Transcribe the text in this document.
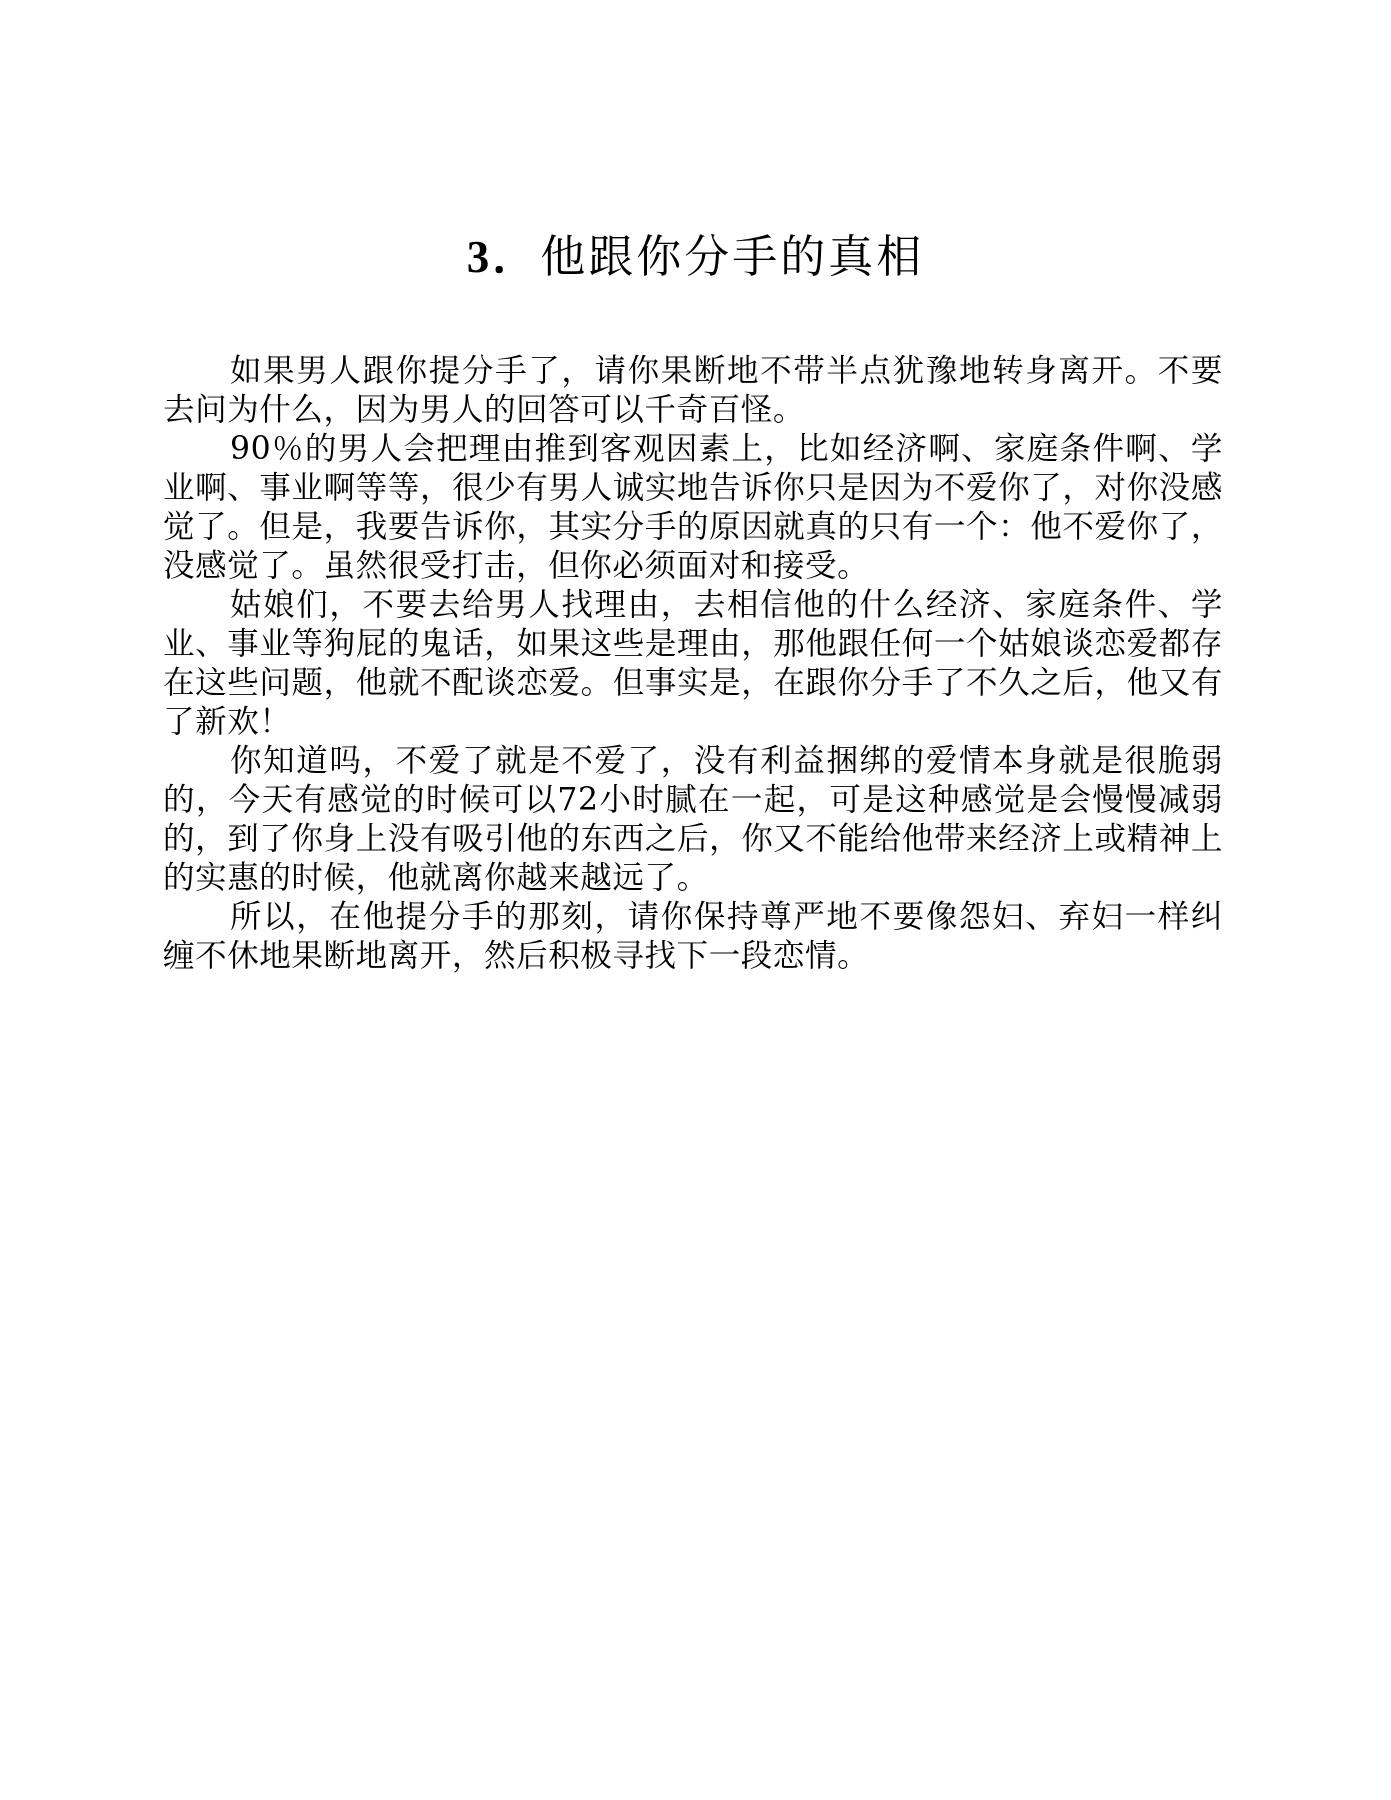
3．他跟你分手的真相

如果男人跟你提分手了，请你果断地不带半点犹豫地转身离开。不要去问为什么，因为男人的回答可以千奇百怪。

90％的男人会把理由推到客观因素上，比如经济啊、家庭条件啊、学业啊、事业啊等等，很少有男人诚实地告诉你只是因为不爱你了，对你没感觉了。但是，我要告诉你，其实分手的原因就真的只有一个：他不爱你了，没感觉了。虽然很受打击，但你必须面对和接受。

姑娘们，不要去给男人找理由，去相信他的什么经济、家庭条件、学业、事业等狗屁的鬼话，如果这些是理由，那他跟任何一个姑娘谈恋爱都存在这些问题，他就不配谈恋爱。但事实是，在跟你分手了不久之后，他又有了新欢！

你知道吗，不爱了就是不爱了，没有利益捆绑的爱情本身就是很脆弱的，今天有感觉的时候可以72小时腻在一起，可是这种感觉是会慢慢减弱的，到了你身上没有吸引他的东西之后，你又不能给他带来经济上或精神上的实惠的时候，他就离你越来越远了。

所以，在他提分手的那刻，请你保持尊严地不要像怨妇、弃妇一样纠缠不休地果断地离开，然后积极寻找下一段恋情。
